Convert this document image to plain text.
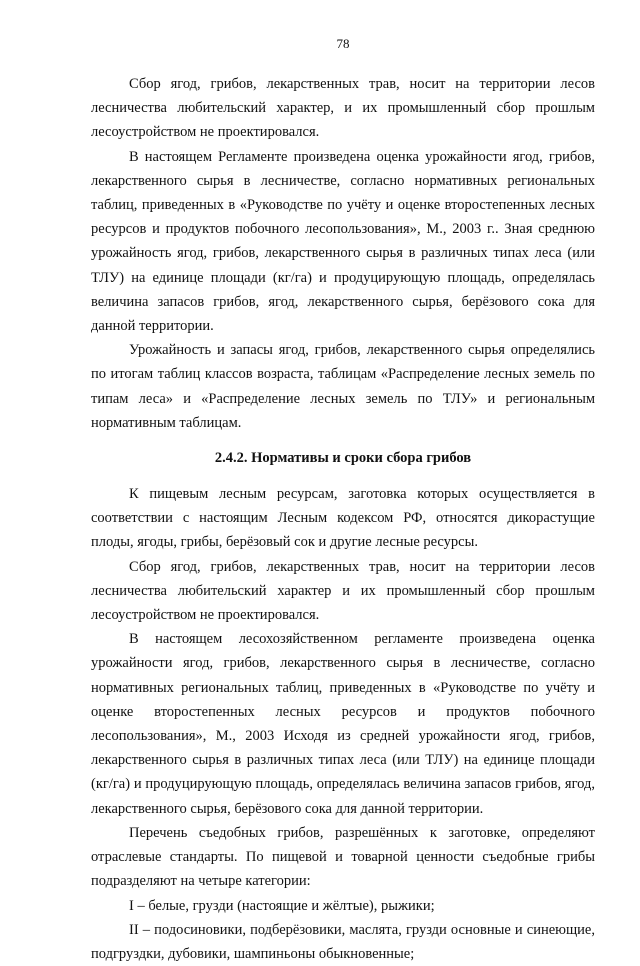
78

Сбор ягод, грибов, лекарственных трав, носит на территории лесов лесничества любительский характер, и их промышленный сбор прошлым лесоустройством не проектировался.

В настоящем Регламенте произведена оценка урожайности ягод, грибов, лекарственного сырья в лесничестве, согласно нормативных региональных таблиц, приведенных в «Руководстве по учёту и оценке второстепенных лесных ресурсов и продуктов побочного лесопользования», М., 2003 г.. Зная среднюю урожайность ягод, грибов, лекарственного сырья в различных типах леса (или ТЛУ) на единице площади (кг/га) и продуцирующую площадь, определялась величина запасов грибов, ягод, лекарственного сырья, берёзового сока для данной территории.

Урожайность и запасы ягод, грибов, лекарственного сырья определялись по итогам таблиц классов возраста, таблицам «Распределение лесных земель по типам леса» и «Распределение лесных земель по ТЛУ» и региональным нормативным таблицам.

2.4.2. Нормативы и сроки сбора грибов

К пищевым лесным ресурсам, заготовка которых осуществляется в соответствии с настоящим Лесным кодексом РФ, относятся дикорастущие плоды, ягоды, грибы, берёзовый сок и другие лесные ресурсы.

Сбор ягод, грибов, лекарственных трав, носит на территории лесов лесничества любительский характер и их промышленный сбор прошлым лесоустройством не проектировался.

В настоящем лесохозяйственном регламенте произведена оценка урожайности ягод, грибов, лекарственного сырья в лесничестве, согласно нормативных региональных таблиц, приведенных в «Руководстве по учёту и оценке второстепенных лесных ресурсов и продуктов побочного лесопользования», М., 2003 Исходя из средней урожайности ягод, грибов, лекарственного сырья в различных типах леса (или ТЛУ) на единице площади (кг/га) и продуцирующую площадь, определялась величина запасов грибов, ягод, лекарственного сырья, берёзового сока для данной территории.

Перечень съедобных грибов, разрешённых к заготовке, определяют отраслевые стандарты. По пищевой и товарной ценности съедобные грибы подразделяют на четыре категории:

I – белые, грузди (настоящие и жёлтые), рыжики;

II – подосиновики, подберёзовики, маслята, грузди основные и синеющие, подгруздки, дубовики, шампиньоны обыкновенные;
